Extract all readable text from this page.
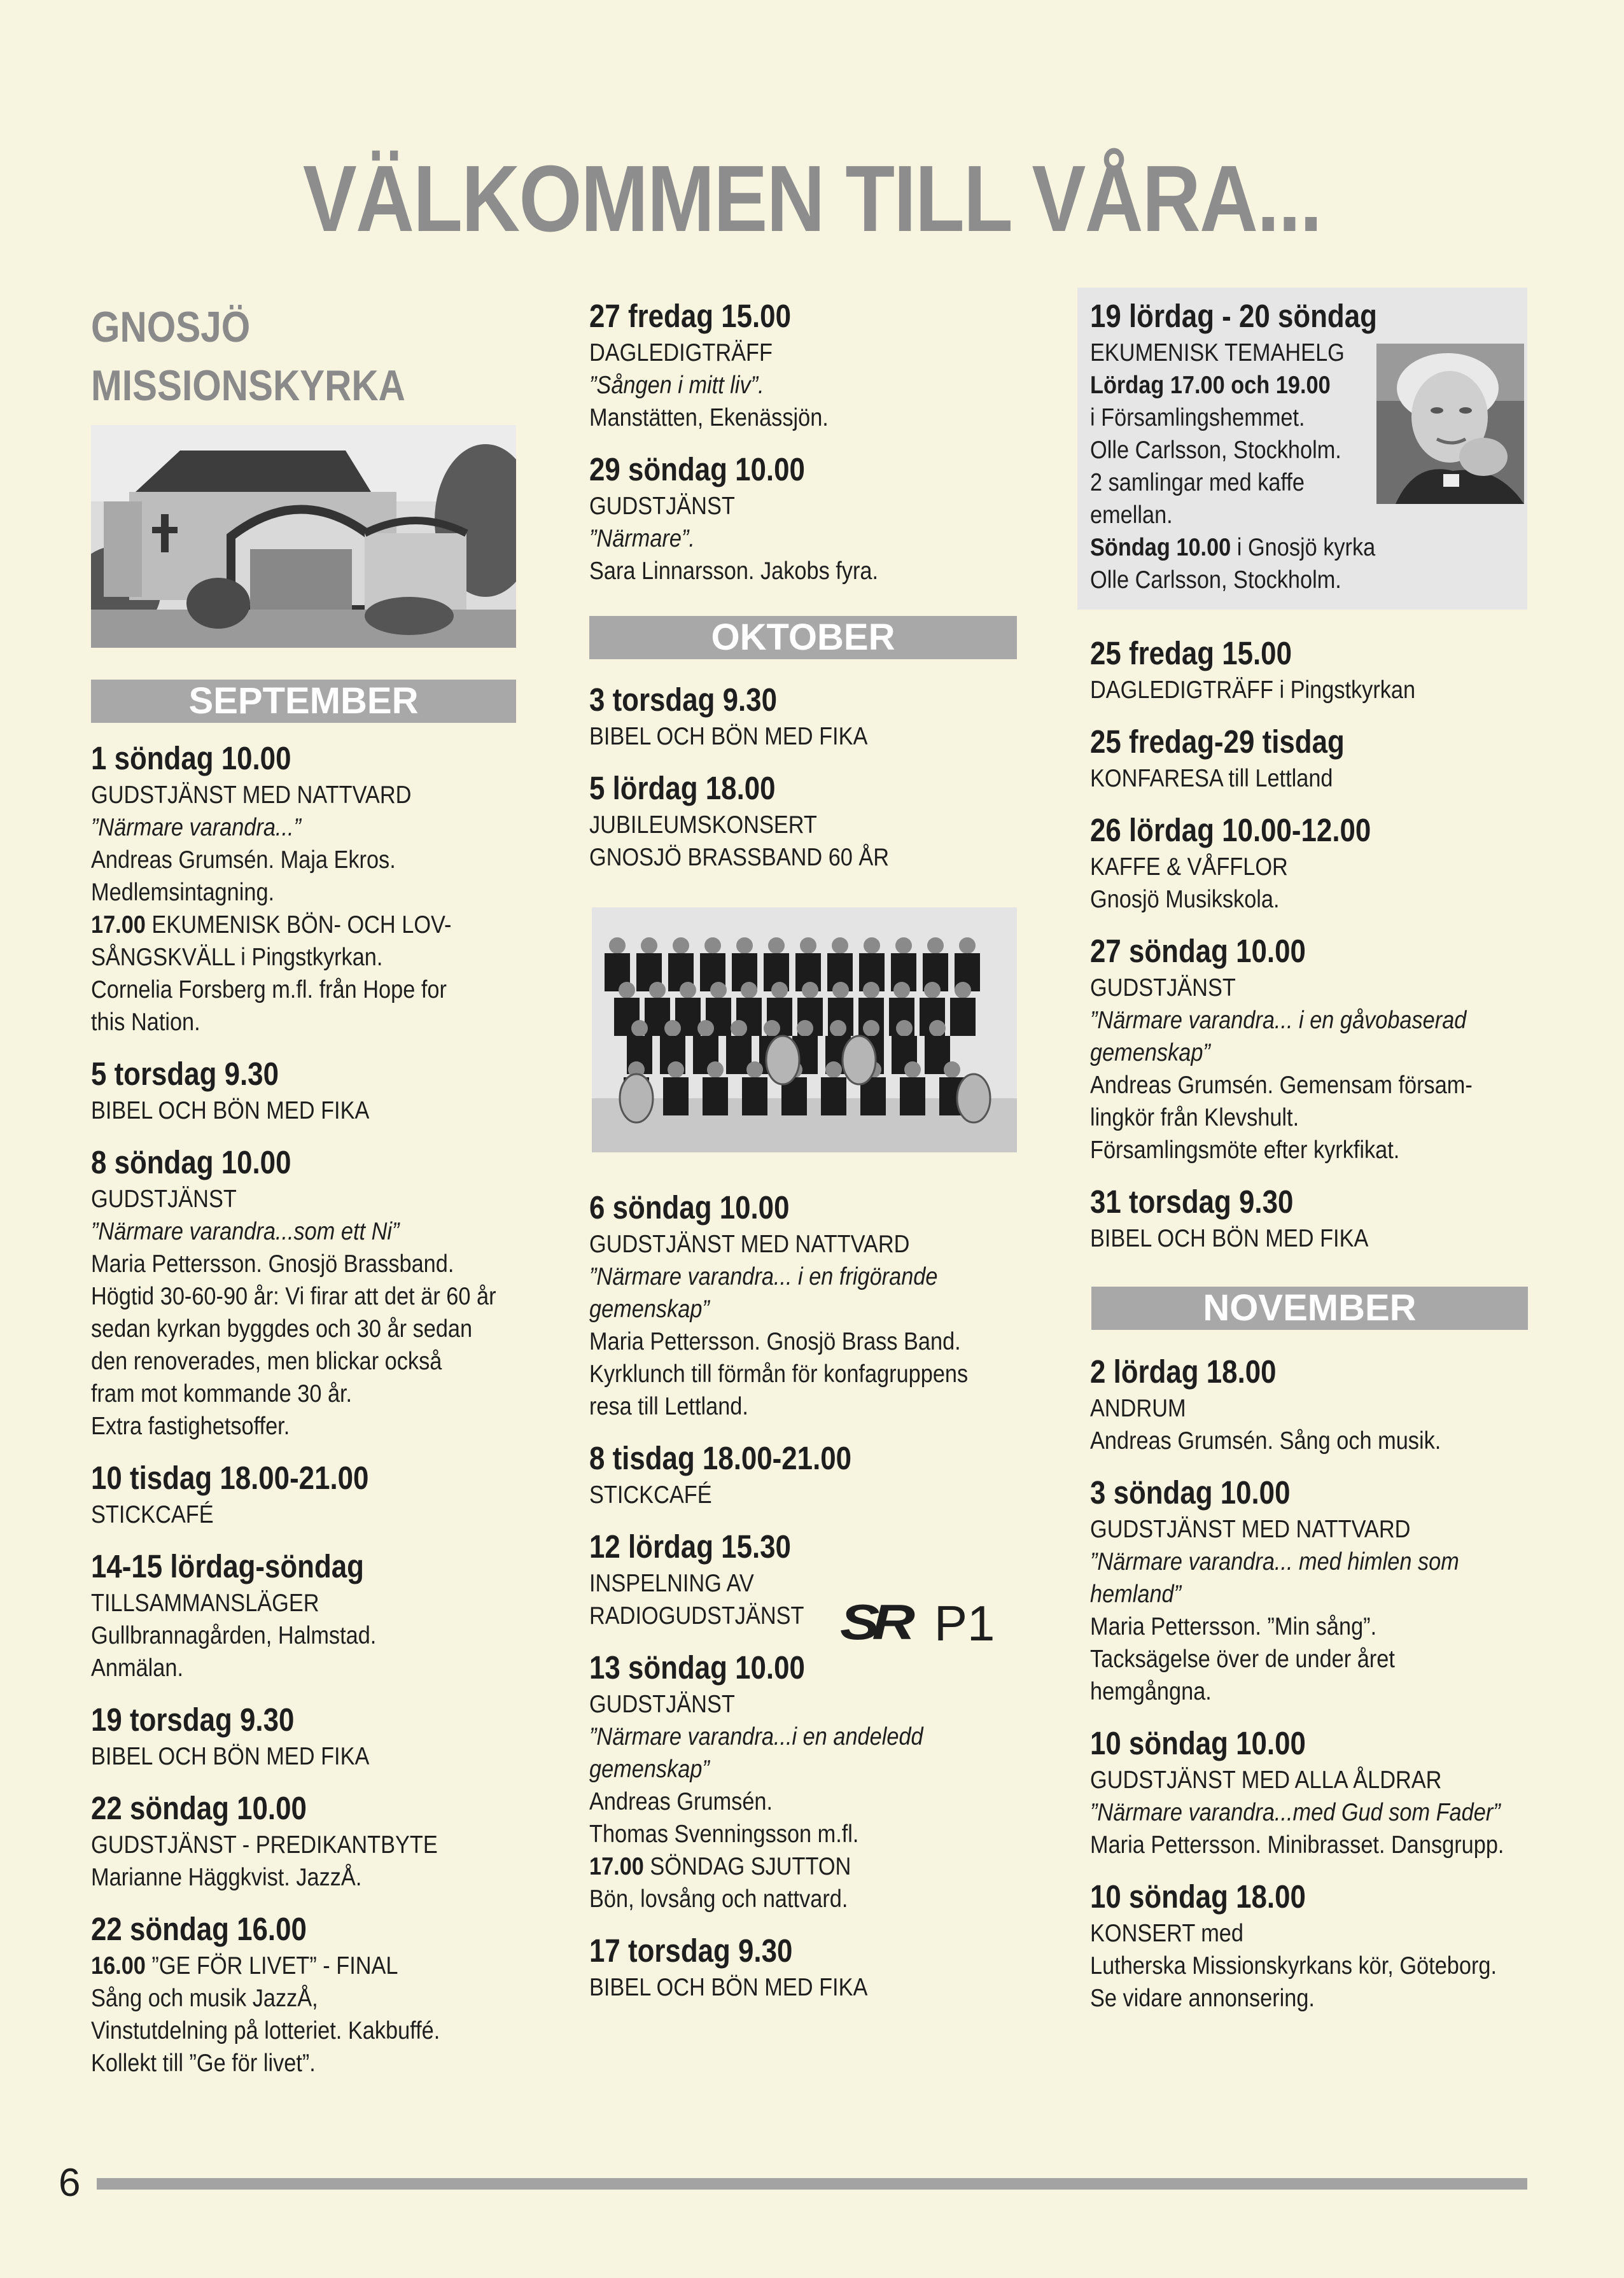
VÄLKOMMEN TILL VÅRA...
GNOSJÖ
MISSIONSKYRKA
SEPTEMBER
1 söndag 10.00
GUDSTJÄNST MED NATTVARD
”Närmare varandra...”
Andreas Grumsén. Maja Ekros.
Medlemsintagning.
17.00 EKUMENISK BÖN- OCH LOV-
SÅNGSKVÄLL i Pingstkyrkan.
Cornelia Forsberg m.fl. från Hope for
this Nation.
5 torsdag 9.30
BIBEL OCH BÖN MED FIKA
8 söndag 10.00
GUDSTJÄNST
”Närmare varandra...som ett Ni”
Maria Pettersson. Gnosjö Brassband.
Högtid 30-60-90 år: Vi firar att det är 60 år
sedan kyrkan byggdes och 30 år sedan
den renoverades, men blickar också
fram mot kommande 30 år.
Extra fastighetsoffer.
10 tisdag 18.00-21.00
STICKCAFÉ
14-15 lördag-söndag
TILLSAMMANSLÄGER
Gullbrannagården, Halmstad.
Anmälan.
19 torsdag 9.30
BIBEL OCH BÖN MED FIKA
22 söndag 10.00
GUDSTJÄNST - PREDIKANTBYTE
Marianne Häggkvist. JazzÅ.
22 söndag 16.00
16.00 ”GE FÖR LIVET” - FINAL
Sång och musik JazzÅ,
Vinstutdelning på lotteriet. Kakbuffé.
Kollekt till ”Ge för livet”.
27 fredag 15.00
DAGLEDIGTRÄFF
”Sången i mitt liv”.
Manstätten, Ekenässjön.
29 söndag 10.00
GUDSTJÄNST
”Närmare”.
Sara Linnarsson. Jakobs fyra.
OKTOBER
3 torsdag 9.30
BIBEL OCH BÖN MED FIKA
5 lördag 18.00
JUBILEUMSKONSERT
GNOSJÖ BRASSBAND 60 ÅR
6 söndag 10.00
GUDSTJÄNST MED NATTVARD
”Närmare varandra... i en frigörande
gemenskap”
Maria Pettersson. Gnosjö Brass Band.
Kyrklunch till förmån för konfagruppens
resa till Lettland.
8 tisdag 18.00-21.00
STICKCAFÉ
12 lördag 15.30
INSPELNING AV
RADIOGUDSTJÄNST
13 söndag 10.00
GUDSTJÄNST
”Närmare varandra...i en andeledd
gemenskap”
Andreas Grumsén.
Thomas Svenningsson m.fl.
17.00 SÖNDAG SJUTTON
Bön, lovsång och nattvard.
17 torsdag 9.30
BIBEL OCH BÖN MED FIKA
SR P1
19 lördag - 20 söndag
EKUMENISK TEMAHELG
Lördag 17.00 och 19.00
i Församlingshemmet.
Olle Carlsson, Stockholm.
2 samlingar med kaffe
emellan.
Söndag 10.00 i Gnosjö kyrka
Olle Carlsson, Stockholm.
25 fredag 15.00
DAGLEDIGTRÄFF i Pingstkyrkan
25 fredag-29 tisdag
KONFARESA till Lettland
26 lördag 10.00-12.00
KAFFE & VÅFFLOR
Gnosjö Musikskola.
27 söndag 10.00
GUDSTJÄNST
”Närmare varandra... i en gåvobaserad
gemenskap”
Andreas Grumsén. Gemensam försam-
lingkör från Klevshult.
Församlingsmöte efter kyrkfikat.
31 torsdag 9.30
BIBEL OCH BÖN MED FIKA
NOVEMBER
2 lördag 18.00
ANDRUM
Andreas Grumsén. Sång och musik.
3 söndag 10.00
GUDSTJÄNST MED NATTVARD
”Närmare varandra... med himlen som
hemland”
Maria Pettersson. ”Min sång”.
Tacksägelse över de under året
hemgångna.
10 söndag 10.00
GUDSTJÄNST MED ALLA ÅLDRAR
”Närmare varandra...med Gud som Fader”
Maria Pettersson. Minibrasset. Dansgrupp.
10 söndag 18.00
KONSERT med
Lutherska Missionskyrkans kör, Göteborg.
Se vidare annonsering.
6
